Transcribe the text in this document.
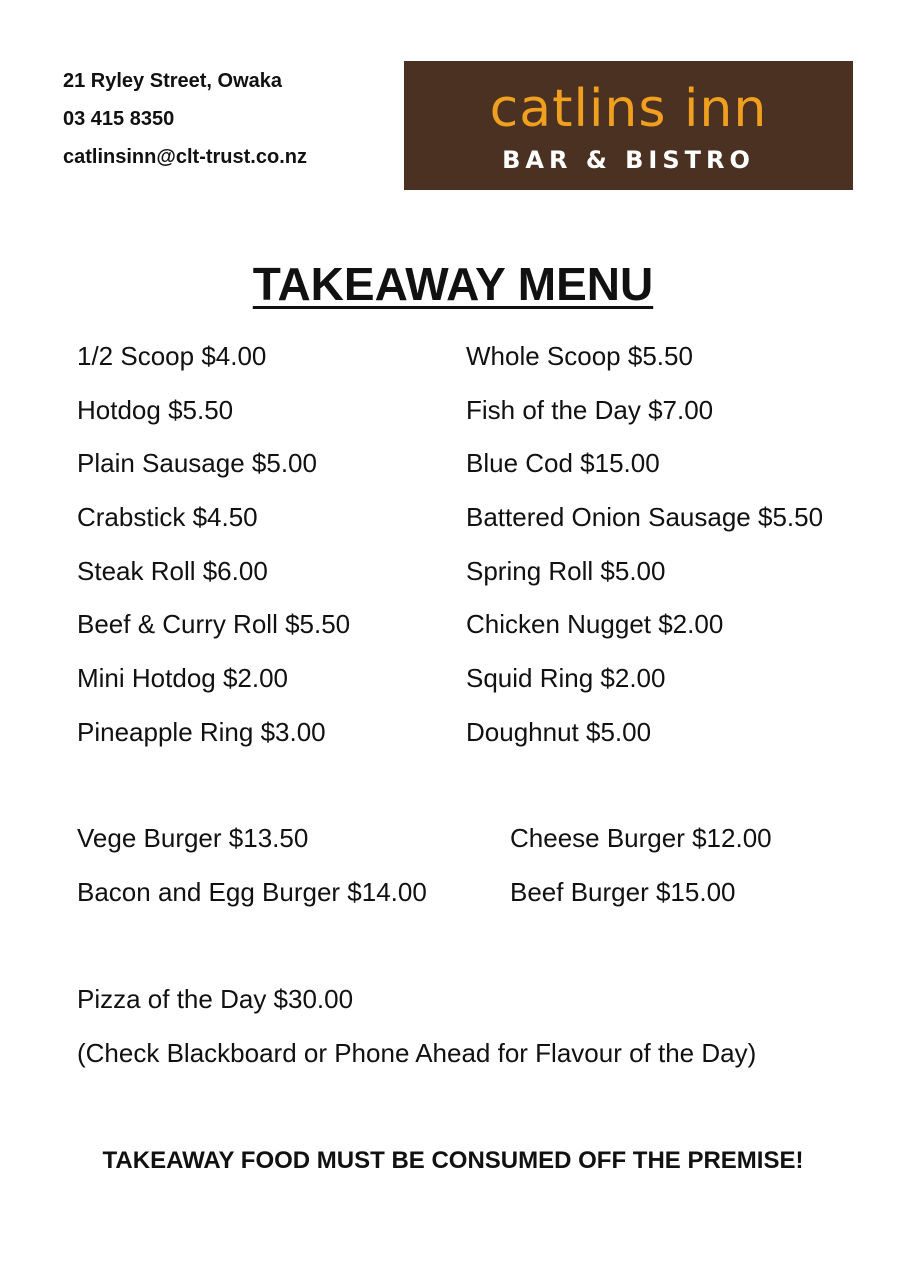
21 Ryley Street, Owaka
03 415 8350
catlinsinn@clt-trust.co.nz
catlins inn
BAR & BISTRO
TAKEAWAY MENU
1/2 Scoop $4.00
Hotdog $5.50
Plain Sausage $5.00
Crabstick $4.50
Steak Roll $6.00
Beef & Curry Roll $5.50
Mini Hotdog $2.00
Pineapple Ring $3.00
Whole Scoop $5.50
Fish of the Day $7.00
Blue Cod $15.00
Battered Onion Sausage $5.50
Spring Roll $5.00
Chicken Nugget $2.00
Squid Ring $2.00
Doughnut $5.00
Vege Burger $13.50
Bacon and Egg Burger $14.00
Cheese Burger $12.00
Beef Burger $15.00
Pizza of the Day $30.00
(Check Blackboard or Phone Ahead for Flavour of the Day)
TAKEAWAY FOOD MUST BE CONSUMED OFF THE PREMISE!
